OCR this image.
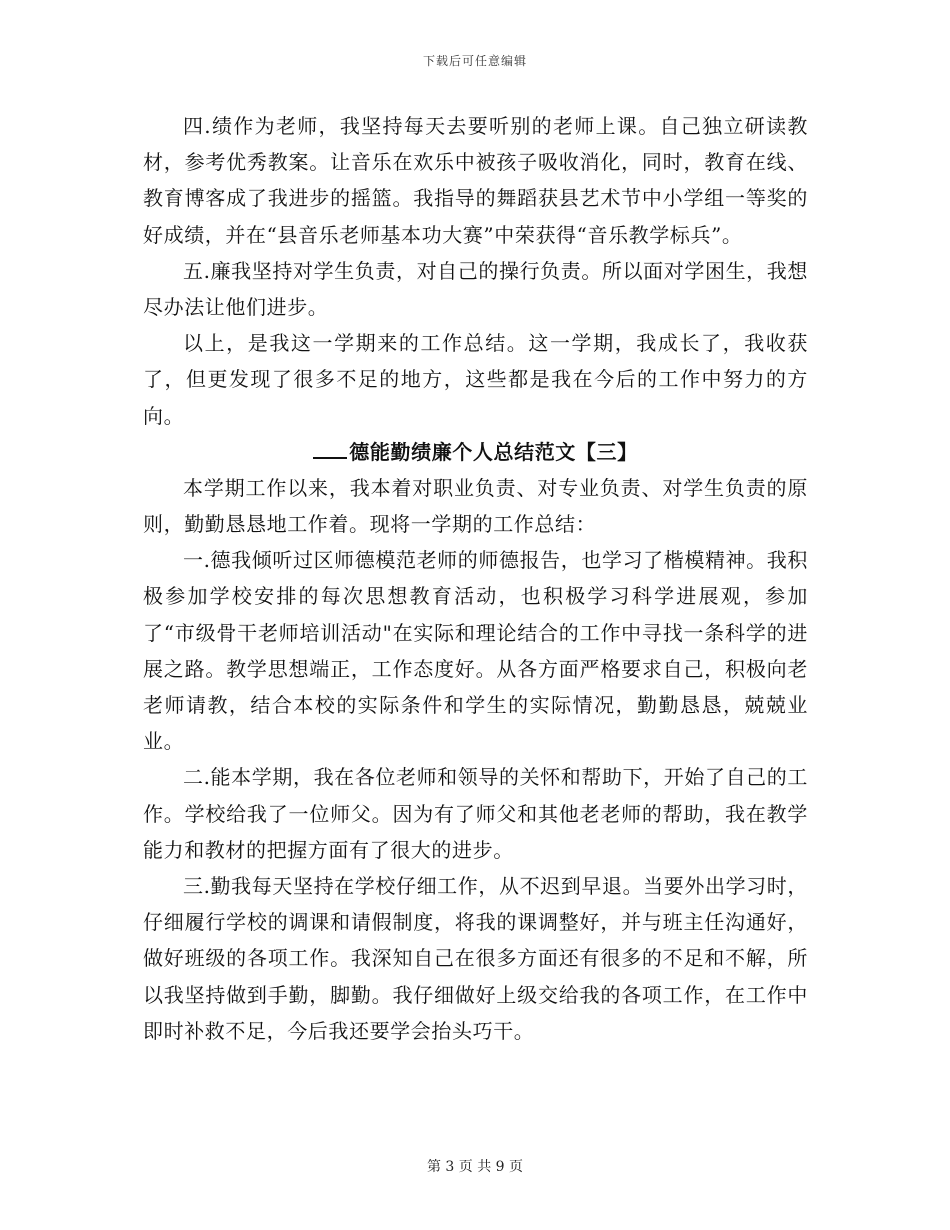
下载后可任意编辑

四.绩作为老师，我坚持每天去要听别的老师上课。自己独立研读教材，参考优秀教案。让音乐在欢乐中被孩子吸收消化，同时，教育在线、教育博客成了我进步的摇篮。我指导的舞蹈获县艺术节中小学组一等奖的好成绩，并在“县音乐老师基本功大赛”中荣获得“音乐教学标兵”。

五.廉我坚持对学生负责，对自己的操行负责。所以面对学困生，我想尽办法让他们进步。

以上，是我这一学期来的工作总结。这一学期，我成长了，我收获了，但更发现了很多不足的地方，这些都是我在今后的工作中努力的方向。

德能勤绩廉个人总结范文【三】

本学期工作以来，我本着对职业负责、对专业负责、对学生负责的原则，勤勤恳恳地工作着。现将一学期的工作总结：

一.德我倾听过区师德模范老师的师德报告，也学习了楷模精神。我积极参加学校安排的每次思想教育活动，也积极学习科学进展观，参加了“市级骨干老师培训活动"在实际和理论结合的工作中寻找一条科学的进展之路。教学思想端正，工作态度好。从各方面严格要求自己，积极向老老师请教，结合本校的实际条件和学生的实际情况，勤勤恳恳，兢兢业业。

二.能本学期，我在各位老师和领导的关怀和帮助下，开始了自己的工作。学校给我了一位师父。因为有了师父和其他老老师的帮助，我在教学能力和教材的把握方面有了很大的进步。

三.勤我每天坚持在学校仔细工作，从不迟到早退。当要外出学习时，仔细履行学校的调课和请假制度，将我的课调整好，并与班主任沟通好，做好班级的各项工作。我深知自己在很多方面还有很多的不足和不解，所以我坚持做到手勤，脚勤。我仔细做好上级交给我的各项工作，在工作中即时补救不足，今后我还要学会抬头巧干。

第 3 页 共 9 页
